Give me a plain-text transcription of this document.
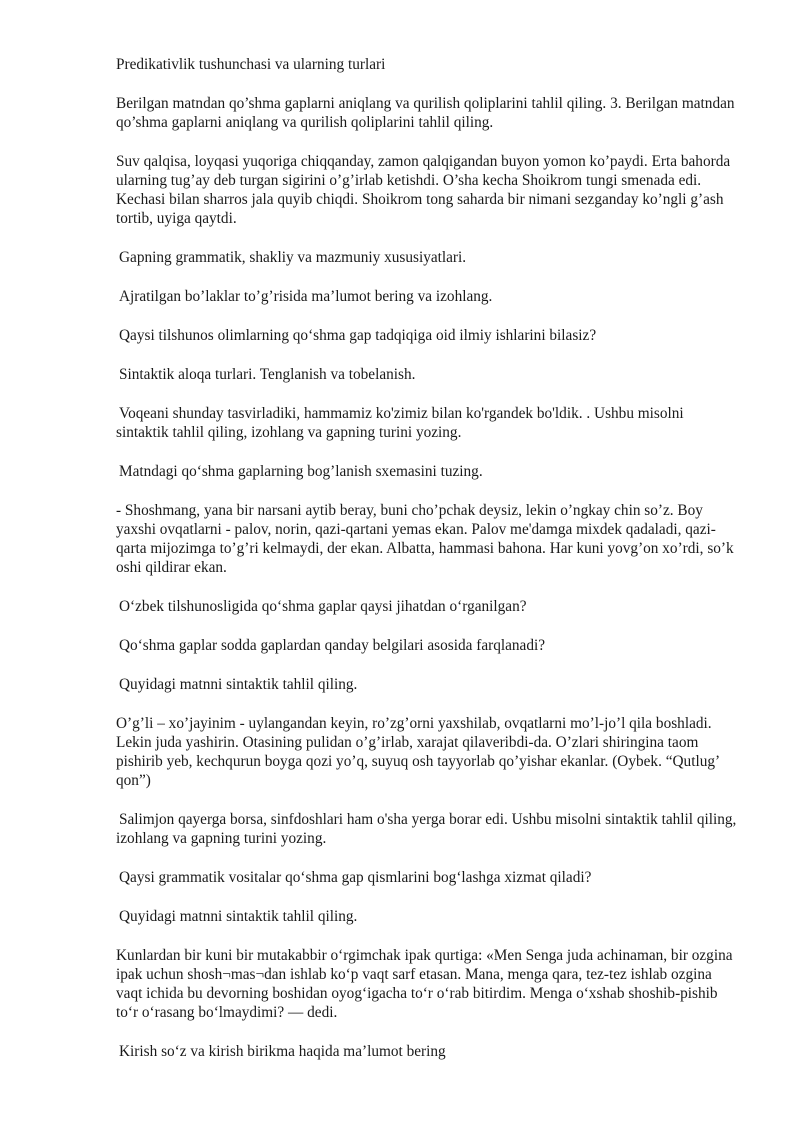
Predikativlik tushunchasi va ularning turlari

Berilgan matndan qo’shma gaplarni aniqlang va qurilish qoliplarini tahlil qiling. 3. Berilgan matndan qo’shma gaplarni aniqlang va qurilish qoliplarini tahlil qiling.

Suv qalqisa, loyqasi yuqoriga chiqqanday, zamon qalqigandan buyon yomon ko’paydi. Erta bahorda ularning tug’ay deb turgan sigirini o’g’irlab ketishdi. O’sha kecha Shoikrom tungi smenada edi. Kechasi bilan sharros jala quyib chiqdi. Shoikrom tong saharda bir nimani sezganday ko’ngli g’ash tortib, uyiga qaytdi.

Gapning grammatik, shakliy va mazmuniy xususiyatlari.

Ajratilgan bo’laklar to’g’risida ma’lumot bering va izohlang.

Qaysi tilshunos olimlarning qo‘shma gap tadqiqiga oid ilmiy ishlarini bilasiz?

Sintaktik aloqa turlari. Tenglanish va tobelanish.

Voqeani shunday tasvirladiki, hammamiz ko'zimiz bilan ko'rgandek bo'ldik. . Ushbu misolni sintaktik tahlil qiling, izohlang va gapning turini yozing.

Matndagi qo‘shma gaplarning bog’lanish sxemasini tuzing.

- Shoshmang, yana bir narsani aytib beray, buni cho’pchak deysiz, lekin o’ngkay chin so’z. Boy yaxshi ovqatlarni - palov, norin, qazi-qartani yemas ekan. Palov me'damga mixdek qadaladi, qazi-qarta mijozimga to’g’ri kelmaydi, der ekan. Albatta, hammasi bahona. Har kuni yovg’on xo’rdi, so’k oshi qildirar ekan.

O‘zbek tilshunosligida qo‘shma gaplar qaysi jihatdan o‘rganilgan?

Qo‘shma gaplar sodda gaplardan qanday belgilari asosida farqlanadi?

Quyidagi matnni sintaktik tahlil qiling.

O’g’li – xo’jayinim - uylangandan keyin, ro’zg’orni yaxshilab, ovqatlarni mo’l-jo’l qila boshladi. Lekin juda yashirin. Otasining pulidan o’g’irlab, xarajat qilaveribdi-da. O’zlari shiringina taom pishirib yeb, kechqurun boyga qozi yo’q, suyuq osh tayyorlab qo’yishar ekanlar. (Oybek. “Qutlug’ qon”)

Salimjon qayerga borsa, sinfdoshlari ham o'sha yerga borar edi. Ushbu misolni sintaktik tahlil qiling, izohlang va gapning turini yozing.

Qaysi grammatik vositalar qo‘shma gap qismlarini bog‘lashga xizmat qiladi?

Quyidagi matnni sintaktik tahlil qiling.

Kunlardan bir kuni bir mutakabbir o‘rgimchak ipak qurtiga: «Men Senga juda achinaman, bir ozgina ipak uchun shosh¬mas¬dan ishlab ko‘p vaqt sarf etasan. Mana, menga qara, tez-tez ishlab ozgina vaqt ichida bu devorning boshidan oyog‘igacha to‘r o‘rab bitirdim. Menga o‘xshab shoshib-pishib to‘r o‘rasang bo‘lmaydimi? — dedi.

Kirish so‘z va kirish birikma haqida ma’lumot bering
